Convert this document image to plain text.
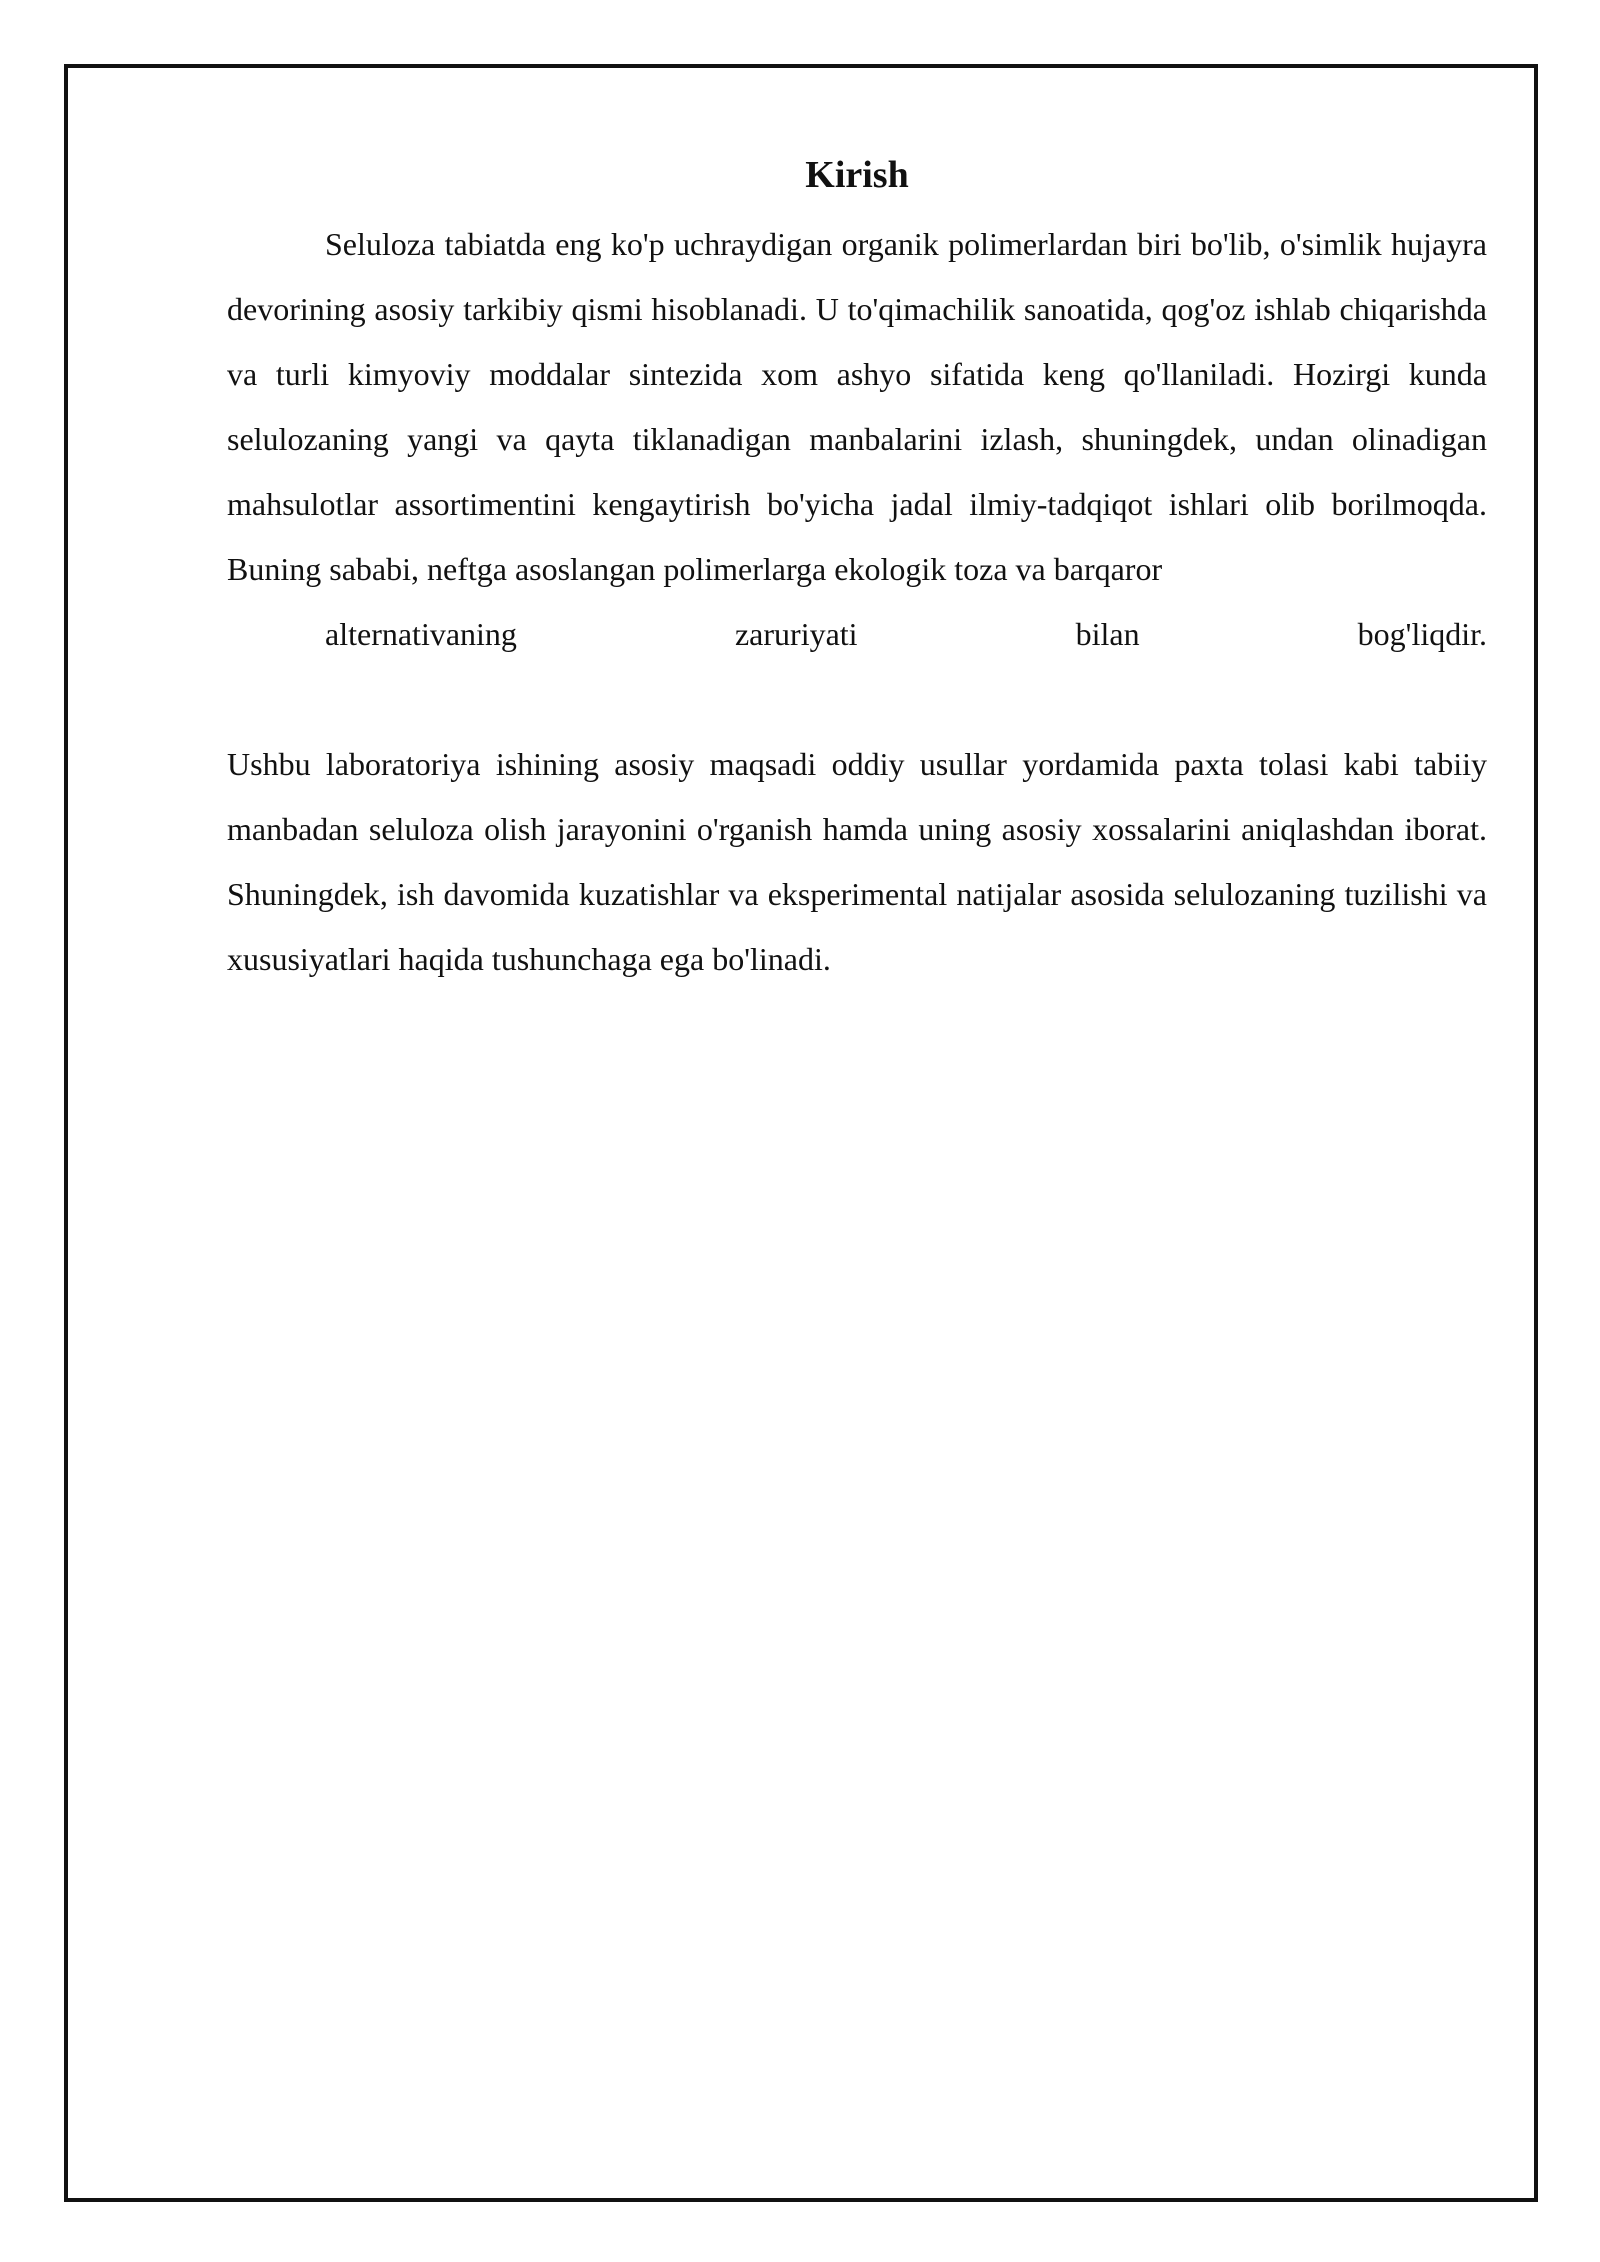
Kirish
Seluloza tabiatda eng ko'p uchraydigan organik polimerlardan biri bo'lib, o'simlik hujayra devorining asosiy tarkibiy qismi hisoblanadi. U to'qimachilik sanoatida, qog'oz ishlab chiqarishda va turli kimyoviy moddalar sintezida xom ashyo sifatida keng qo'llaniladi. Hozirgi kunda selulozaning yangi va qayta tiklanadigan manbalarini izlash, shuningdek, undan olinadigan mahsulotlar assortimentini kengaytirish bo'yicha jadal ilmiy-tadqiqot ishlari olib borilmoqda. Buning sababi, neftga asoslangan polimerlarga ekologik toza va barqaror
alternativaning zaruriyati bilan bog'liqdir.

Ushbu laboratoriya ishining asosiy maqsadi oddiy usullar yordamida paxta tolasi kabi tabiiy manbadan seluloza olish jarayonini o'rganish hamda uning asosiy xossalarini aniqlashdan iborat. Shuningdek, ish davomida kuzatishlar va eksperimental natijalar asosida selulozaning tuzilishi va xususiyatlari haqida tushunchaga ega bo'linadi.
